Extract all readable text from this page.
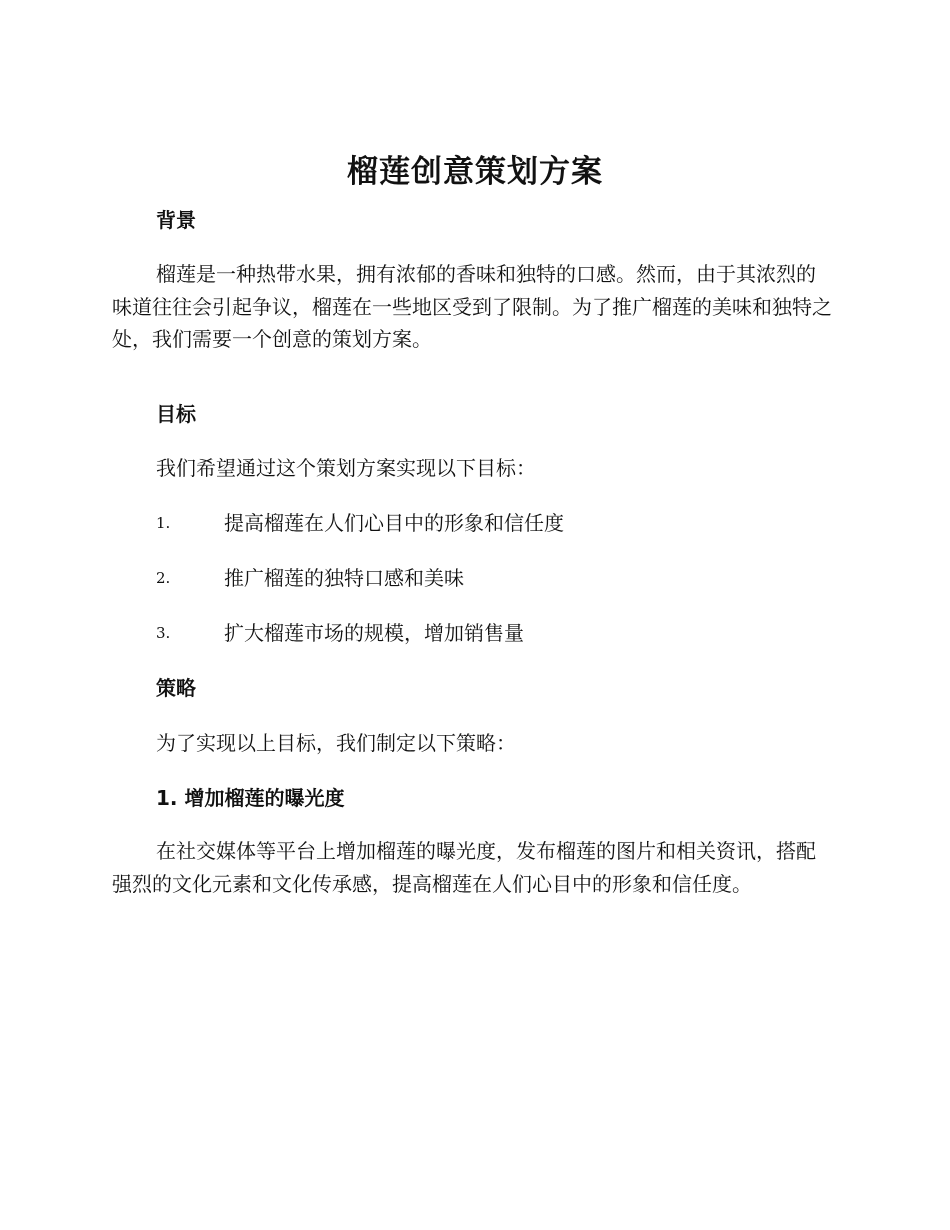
榴莲创意策划方案
背景

榴莲是一种热带水果，拥有浓郁的香味和独特的口感。然而，由于其浓烈的味道往往会引起争议，榴莲在一些地区受到了限制。为了推广榴莲的美味和独特之处，我们需要一个创意的策划方案。

目标

我们希望通过这个策划方案实现以下目标：

1.	提高榴莲在人们心目中的形象和信任度
2.	推广榴莲的独特口感和美味
3.	扩大榴莲市场的规模，增加销售量
策略

为了实现以上目标，我们制定以下策略：

1. 增加榴莲的曝光度

在社交媒体等平台上增加榴莲的曝光度，发布榴莲的图片和相关资讯，搭配强烈的文化元素和文化传承感，提高榴莲在人们心目中的形象和信任度。
